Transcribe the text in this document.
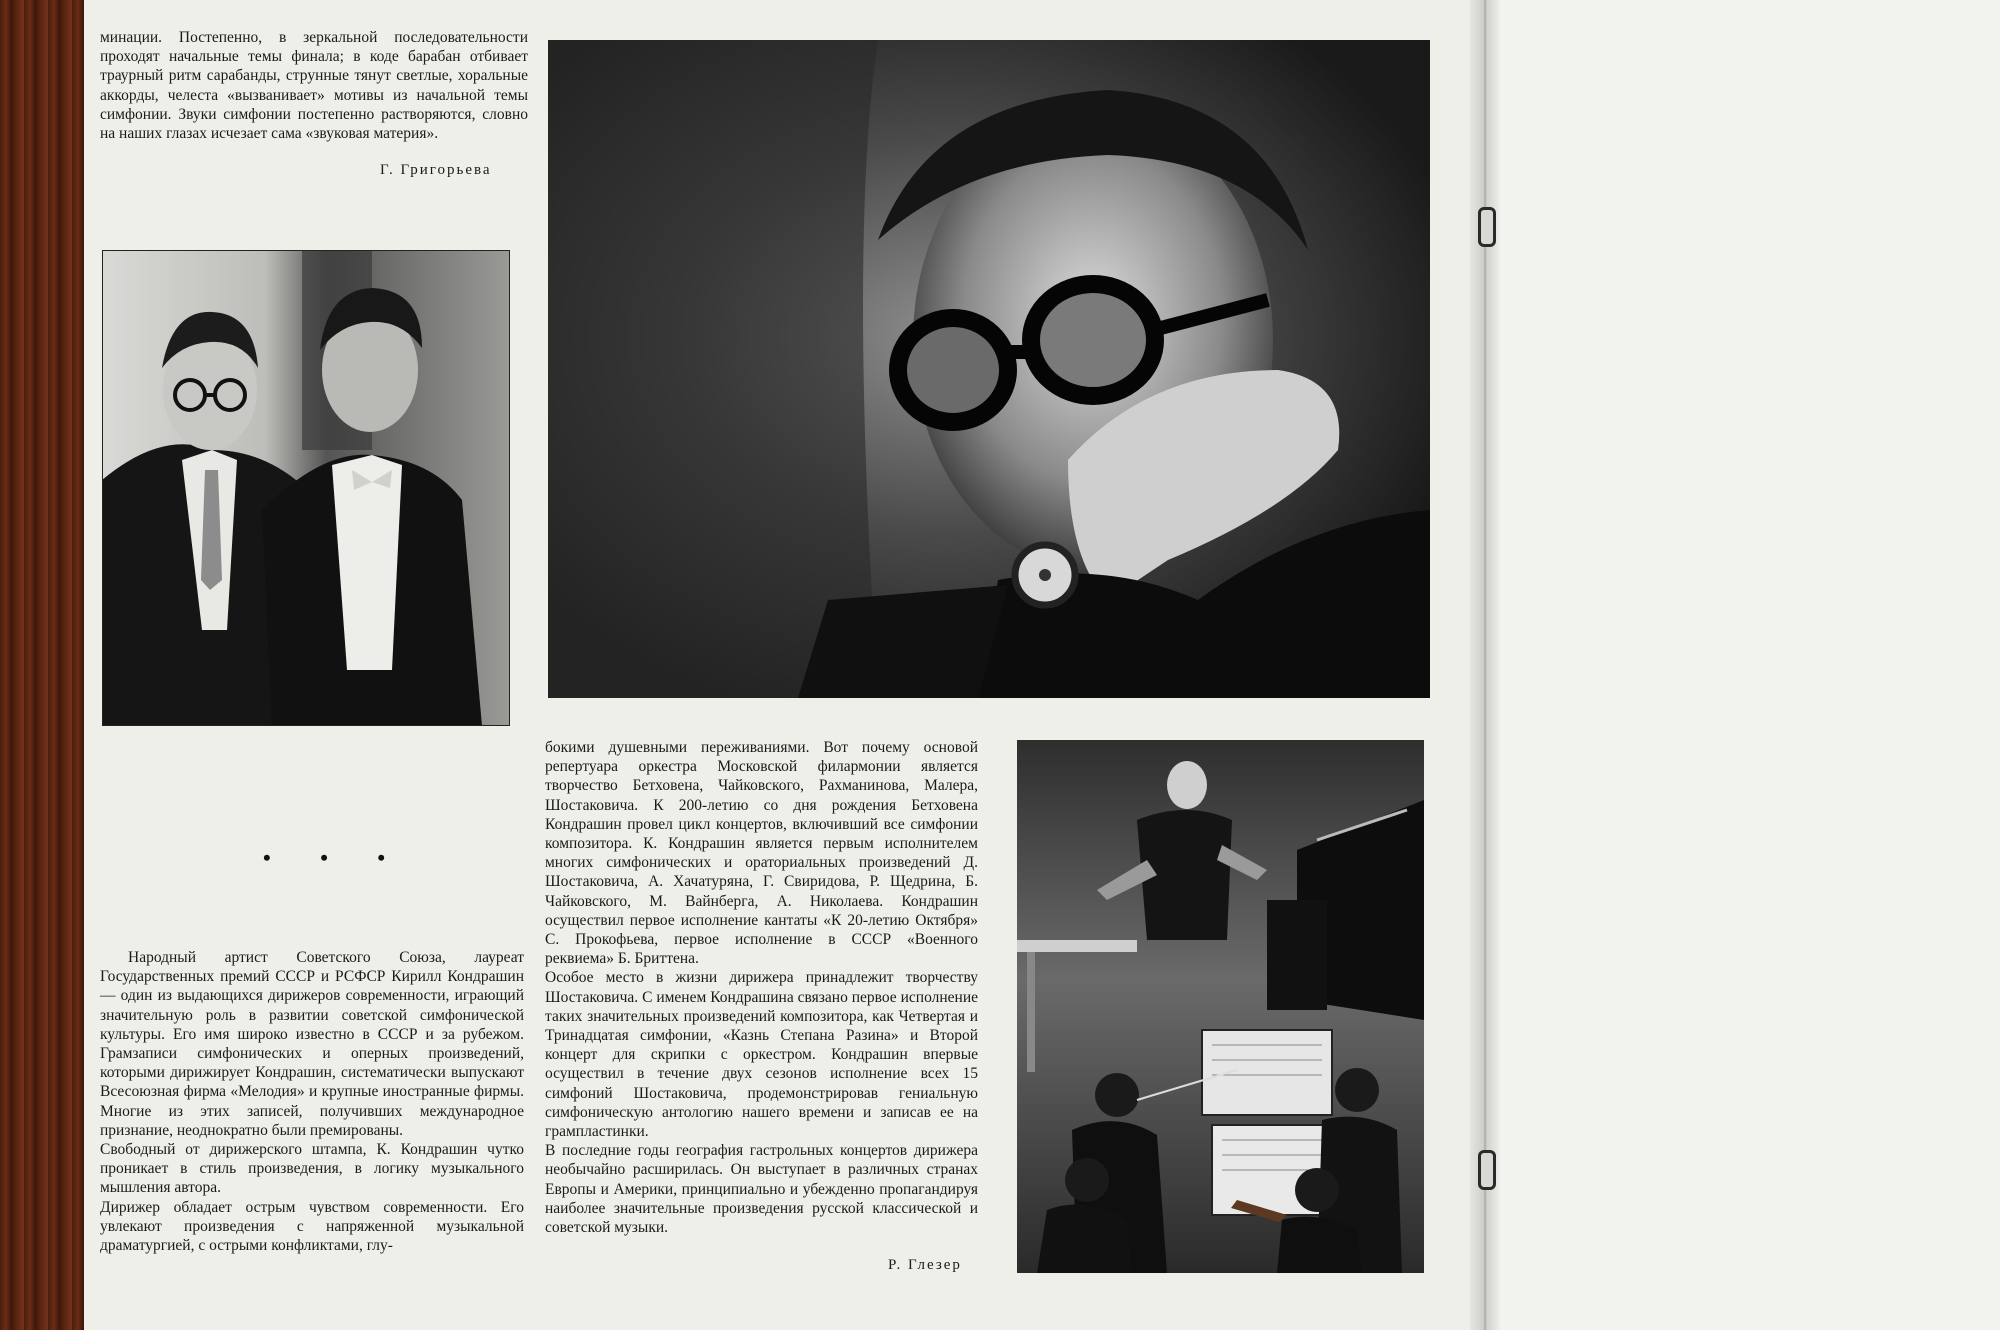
минации. Постепенно, в зеркальной последовательности проходят начальные темы финала; в коде барабан отбивает траурный ритм сарабанды, струнные тянут светлые, хоральные аккорды, челеста «вызванивает» мотивы из начальной темы симфонии. Звуки симфонии постепенно растворяются, словно на наших глазах исчезает сама «звуковая материя».

Г. Григорьева
• • •

Народный артист Советского Союза, лауреат Государственных премий СССР и РСФСР Кирилл Кондрашин — один из выдающихся дирижеров современности, играющий значительную роль в развитии советской симфонической культуры. Его имя широко известно в СССР и за рубежом. Грамзаписи симфонических и оперных произведений, которыми дирижирует Кондрашин, систематически выпускают Всесоюзная фирма «Мелодия» и крупные иностранные фирмы. Многие из этих записей, получивших международное признание, неоднократно были премированы.

Свободный от дирижерского штампа, К. Кондрашин чутко проникает в стиль произведения, в логику музыкального мышления автора.

Дирижер обладает острым чувством современности. Его увлекают произведения с напряженной музыкальной драматургией, с острыми конфликтами, глу-

бокими душевными переживаниями. Вот почему основой репертуара оркестра Московской филармонии является творчество Бетховена, Чайковского, Рахманинова, Малера, Шостаковича. К 200-летию со дня рождения Бетховена Кондрашин провел цикл концертов, включивший все симфонии композитора. К. Кондрашин является первым исполнителем многих симфонических и ораториальных произведений Д. Шостаковича, А. Хачатуряна, Г. Свиридова, Р. Щедрина, Б. Чайковского, М. Вайнберга, А. Николаева. Кондрашин осуществил первое исполнение кантаты «К 20-летию Октября» С. Прокофьева, первое исполнение в СССР «Военного реквиема» Б. Бриттена.

Особое место в жизни дирижера принадлежит творчеству Шостаковича. С именем Кондрашина связано первое исполнение таких значительных произведений композитора, как Четвертая и Тринадцатая симфонии, «Казнь Степана Разина» и Второй концерт для скрипки с оркестром. Кондрашин впервые осуществил в течение двух сезонов исполнение всех 15 симфоний Шостаковича, продемонстрировав гениальную симфоническую антологию нашего времени и записав ее на грампластинки.

В последние годы география гастрольных концертов дирижера необычайно расширилась. Он выступает в различных странах Европы и Америки, принципиально и убежденно пропагандируя наиболее значительные произведения русской классической и советской музыки.

Р. Глезер
